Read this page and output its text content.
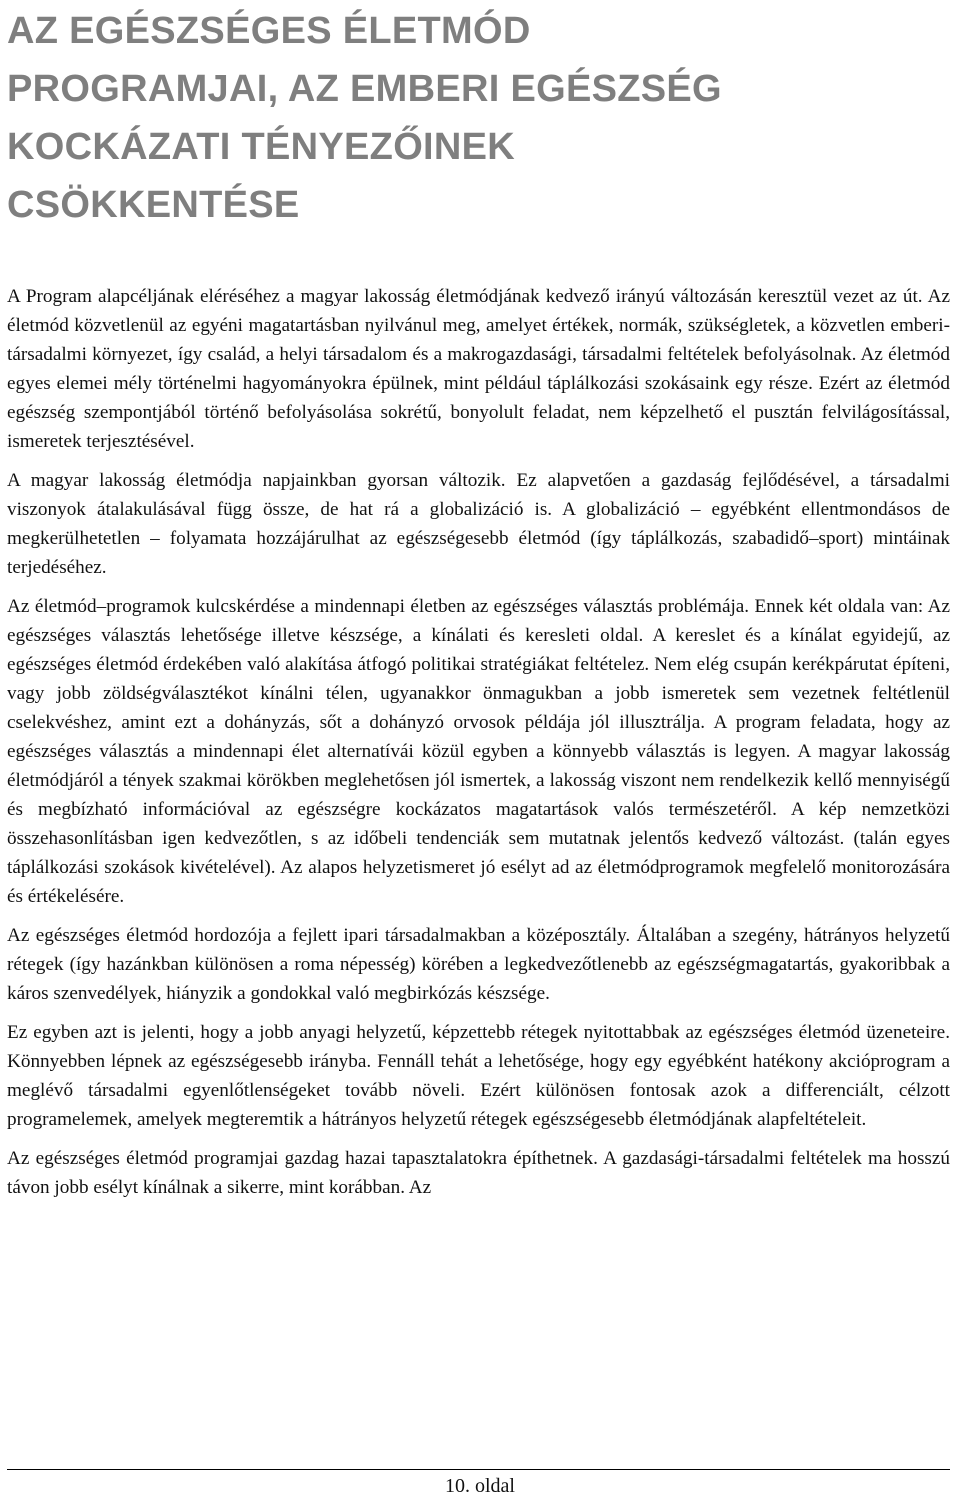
AZ EGÉSZSÉGES ÉLETMÓD
PROGRAMJAI, AZ EMBERI EGÉSZSÉG
KOCKÁZATI TÉNYEZŐINEK
CSÖKKENTÉSE

A Program alapcéljának eléréséhez a magyar lakosság életmódjának kedvező irányú változásán keresztül vezet az út. Az életmód közvetlenül az egyéni magatartásban nyilvánul meg, amelyet értékek, normák, szükségletek, a közvetlen emberi-társadalmi környezet, így család, a helyi társadalom és a makrogazdasági, társadalmi feltételek befolyásolnak. Az életmód egyes elemei mély történelmi hagyományokra épülnek, mint például táplálkozási szokásaink egy része. Ezért az életmód egészség szempontjából történő befolyásolása sokrétű, bonyolult feladat, nem képzelhető el pusztán felvilágosítással, ismeretek terjesztésével.

A magyar lakosság életmódja napjainkban gyorsan változik. Ez alapvetően a gazdaság fejlődésével, a társadalmi viszonyok átalakulásával függ össze, de hat rá a globalizáció is. A globalizáció – egyébként ellentmondásos de megkerülhetetlen – folyamata hozzájárulhat az egészségesebb életmód (így táplálkozás, szabadidő–sport) mintáinak terjedéséhez.

Az életmód–programok kulcskérdése a mindennapi életben az egészséges választás problémája. Ennek két oldala van: Az egészséges választás lehetősége illetve készsége, a kínálati és keresleti oldal. A kereslet és a kínálat egyidejű, az egészséges életmód érdekében való alakítása átfogó politikai stratégiákat feltételez. Nem elég csupán kerékpárutat építeni, vagy jobb zöldségválasztékot kínálni télen, ugyanakkor önmagukban a jobb ismeretek sem vezetnek feltétlenül cselekvéshez, amint ezt a dohányzás, sőt a dohányzó orvosok példája jól illusztrálja. A program feladata, hogy az egészséges választás a mindennapi élet alternatívái közül egyben a könnyebb választás is legyen. A magyar lakosság életmódjáról a tények szakmai körökben meglehetősen jól ismertek, a lakosság viszont nem rendelkezik kellő mennyiségű és megbízható információval az egészségre kockázatos magatartások valós természetéről. A kép nemzetközi összehasonlításban igen kedvezőtlen, s az időbeli tendenciák sem mutatnak jelentős kedvező változást. (talán egyes táplálkozási szokások kivételével). Az alapos helyzetismeret jó esélyt ad az életmódprogramok megfelelő monitorozására és értékelésére.

Az egészséges életmód hordozója a fejlett ipari társadalmakban a középosztály. Általában a szegény, hátrányos helyzetű rétegek (így hazánkban különösen a roma népesség) körében a legkedvezőtlenebb az egészségmagatartás, gyakoribbak a káros szenvedélyek, hiányzik a gondokkal való megbirkózás készsége.

Ez egyben azt is jelenti, hogy a jobb anyagi helyzetű, képzettebb rétegek nyitottabbak az egészséges életmód üzeneteire. Könnyebben lépnek az egészségesebb irányba. Fennáll tehát a lehetősége, hogy egy egyébként hatékony akcióprogram a meglévő társadalmi egyenlőtlenségeket tovább növeli. Ezért különösen fontosak azok a differenciált, célzott programelemek, amelyek megteremtik a hátrányos helyzetű rétegek egészségesebb életmódjának alapfeltételeit.

Az egészséges életmód programjai gazdag hazai tapasztalatokra építhetnek. A gazdasági-társadalmi feltételek ma hosszú távon jobb esélyt kínálnak a sikerre, mint korábban. Az

10. oldal
